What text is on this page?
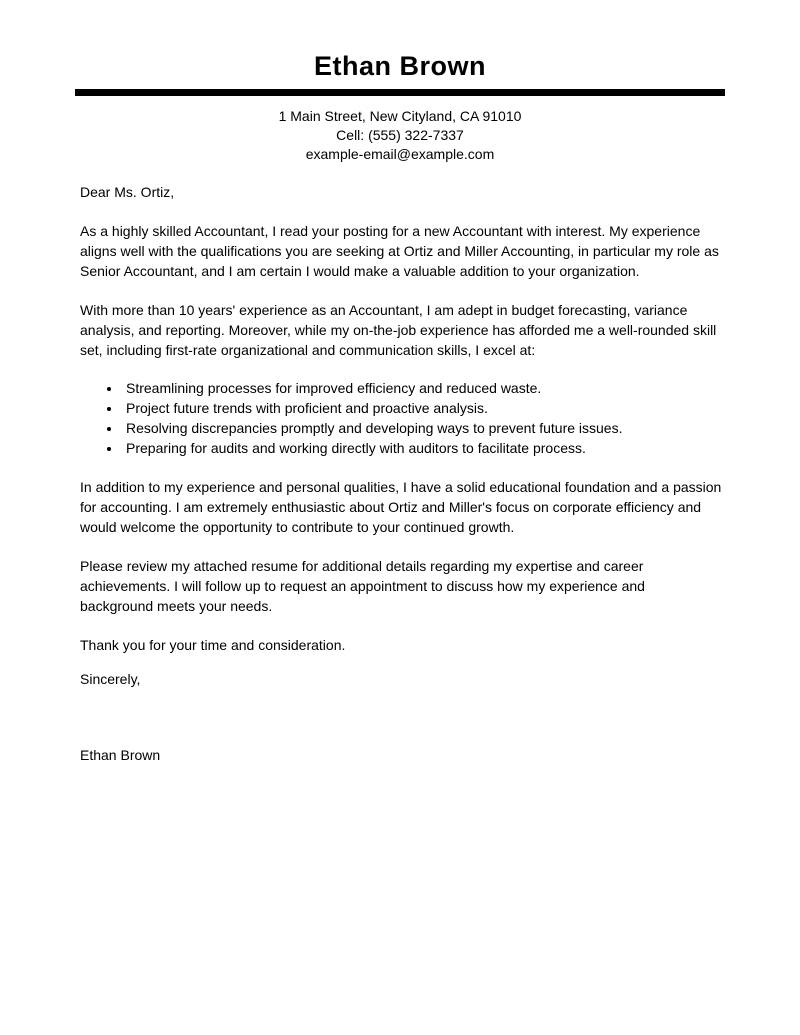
Ethan Brown
1 Main Street, New Cityland, CA 91010
Cell: (555) 322-7337
example-email@example.com
Dear Ms. Ortiz,
As a highly skilled Accountant, I read your posting for a new Accountant with interest. My experience aligns well with the qualifications you are seeking at Ortiz and Miller Accounting, in particular my role as Senior Accountant, and I am certain I would make a valuable addition to your organization.
With more than 10 years' experience as an Accountant, I am adept in budget forecasting, variance analysis, and reporting. Moreover, while my on-the-job experience has afforded me a well-rounded skill set, including first-rate organizational and communication skills, I excel at:
• Streamlining processes for improved efficiency and reduced waste.
• Project future trends with proficient and proactive analysis.
• Resolving discrepancies promptly and developing ways to prevent future issues.
• Preparing for audits and working directly with auditors to facilitate process.
In addition to my experience and personal qualities, I have a solid educational foundation and a passion for accounting. I am extremely enthusiastic about Ortiz and Miller's focus on corporate efficiency and would welcome the opportunity to contribute to your continued growth.
Please review my attached resume for additional details regarding my expertise and career achievements. I will follow up to request an appointment to discuss how my experience and background meets your needs.
Thank you for your time and consideration.
Sincerely,
Ethan Brown
